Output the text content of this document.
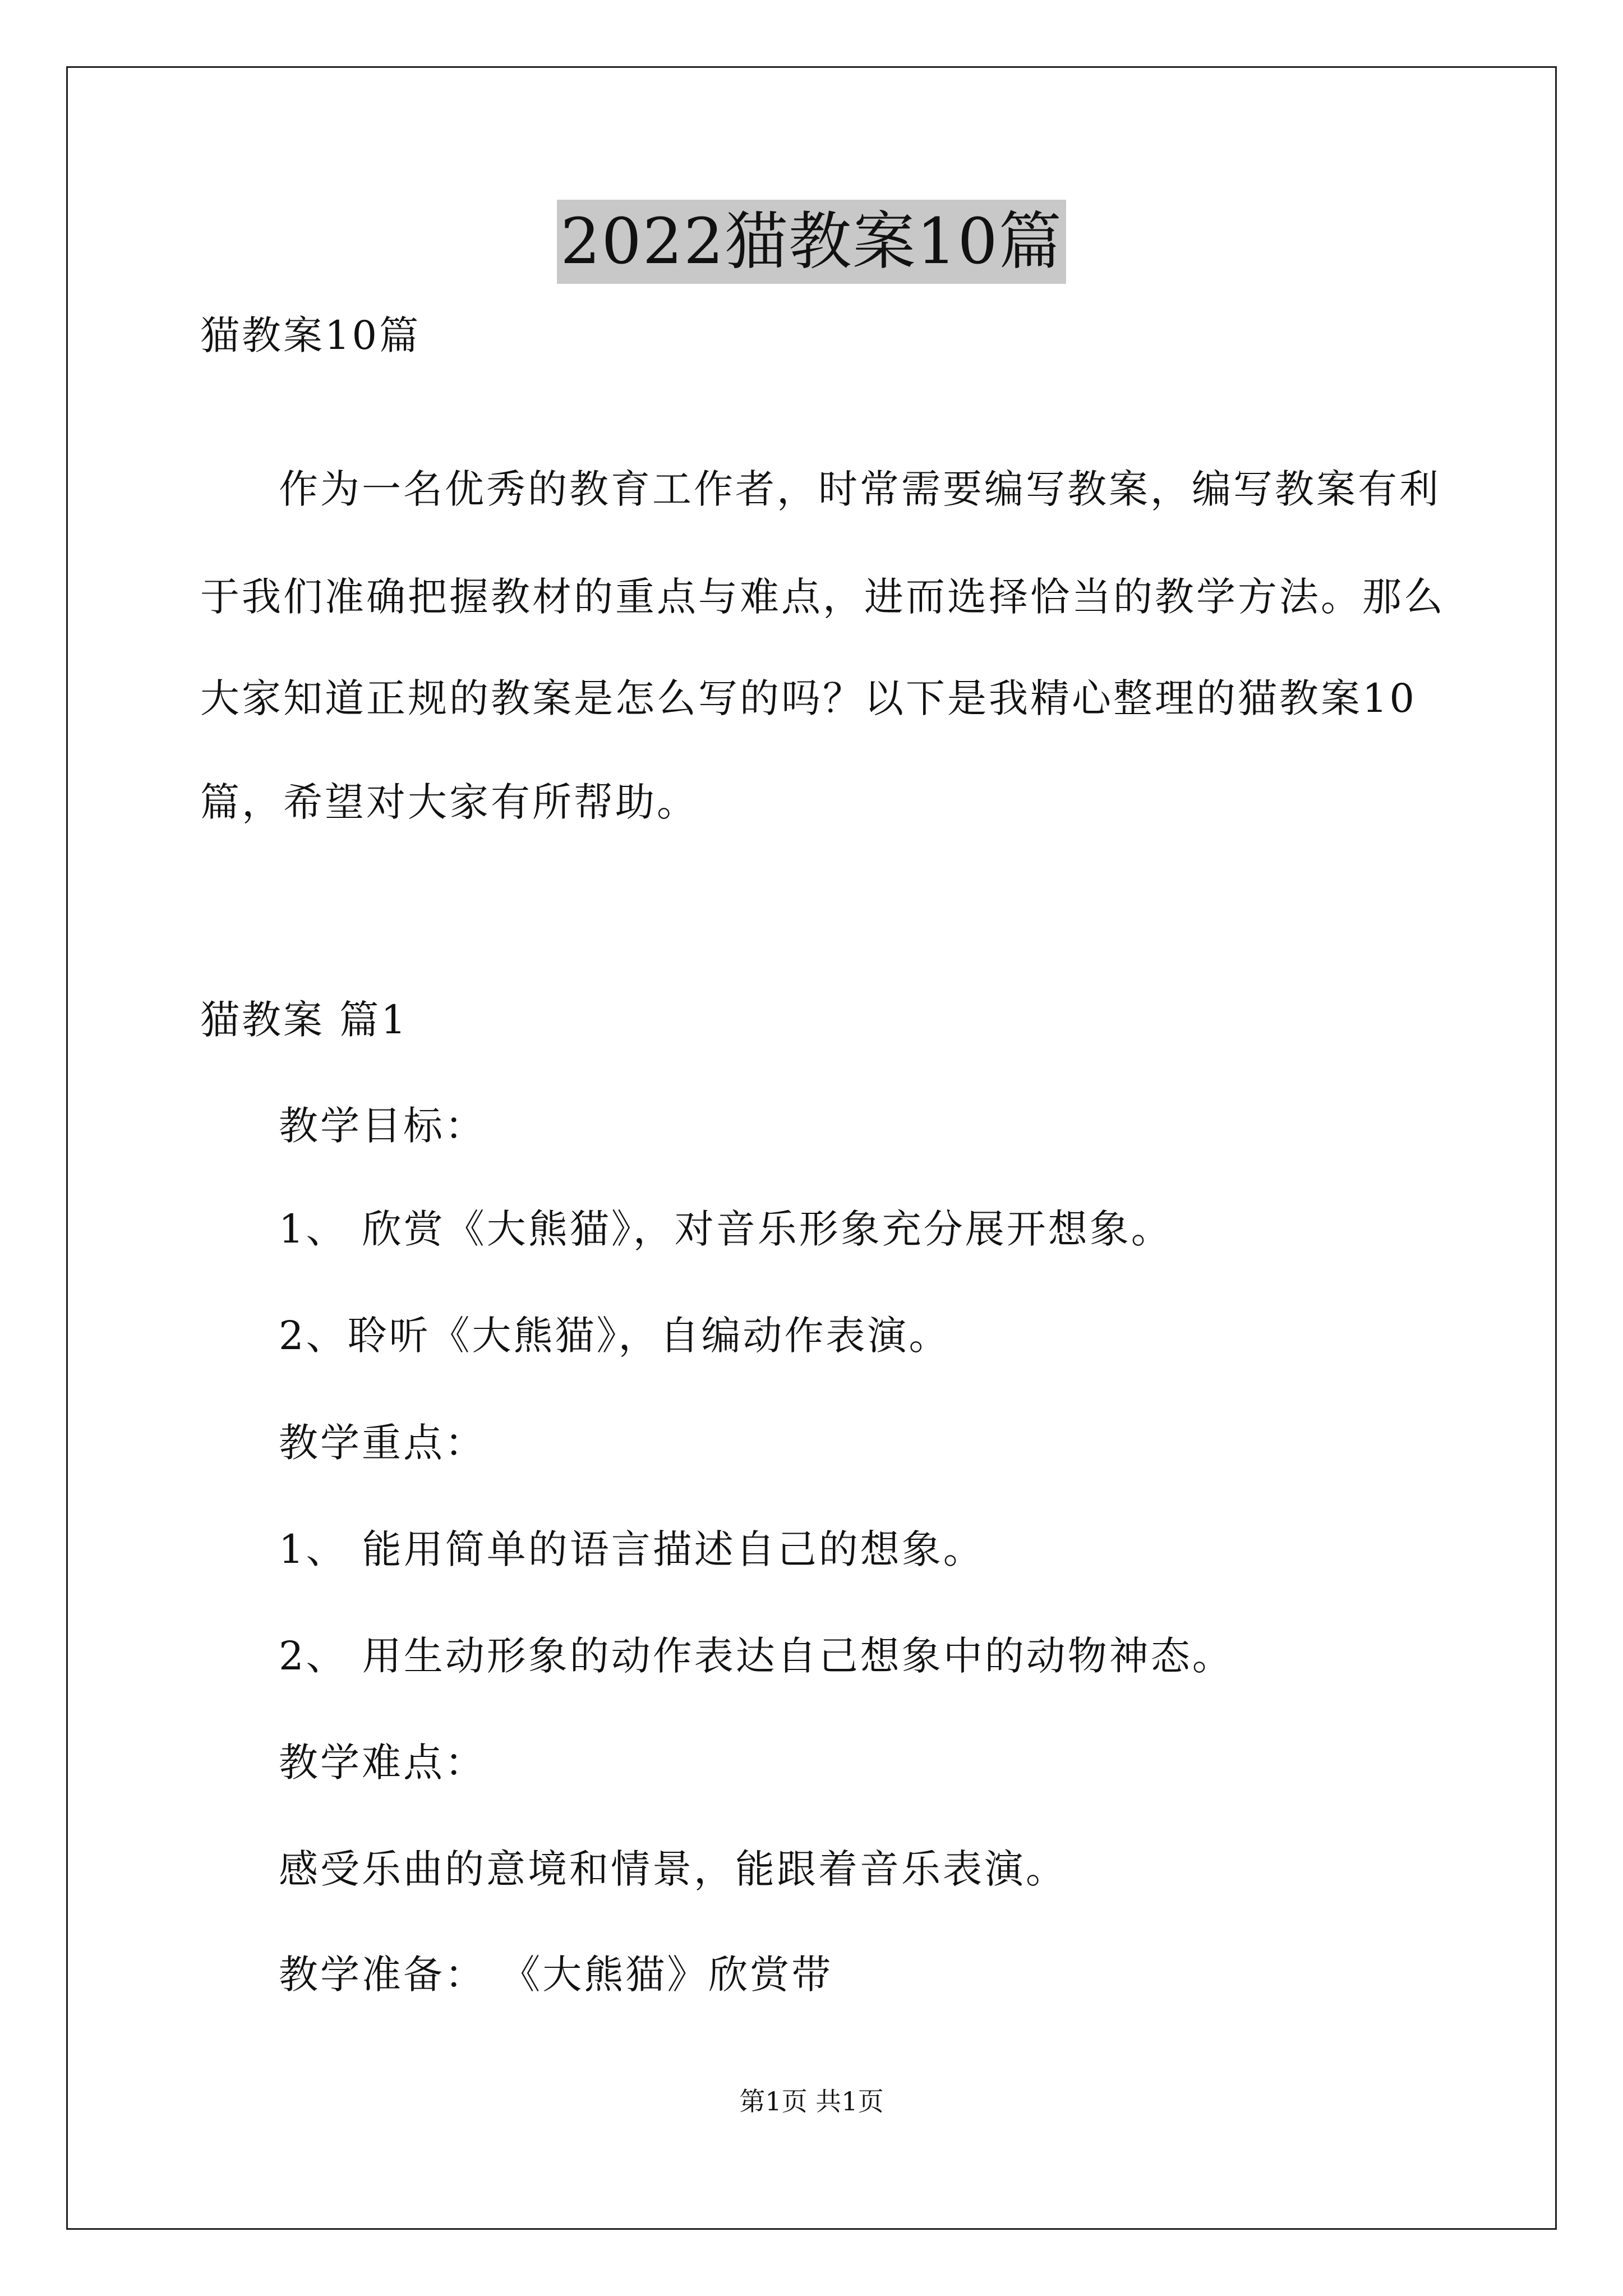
2022猫教案10篇
猫教案10篇
作为一名优秀的教育工作者，时常需要编写教案，编写教案有利
于我们准确把握教材的重点与难点，进而选择恰当的教学方法。那么
大家知道正规的教案是怎么写的吗？以下是我精心整理的猫教案10
篇，希望对大家有所帮助。
猫教案 篇1
教学目标：
1、 欣赏《大熊猫》，对音乐形象充分展开想象。
2、聆听《大熊猫》，自编动作表演。
教学重点：
1、 能用简单的语言描述自己的想象。
2、 用生动形象的动作表达自己想象中的动物神态。
教学难点：
感受乐曲的意境和情景，能跟着音乐表演。
教学准备： 《大熊猫》欣赏带
第1页 共1页
